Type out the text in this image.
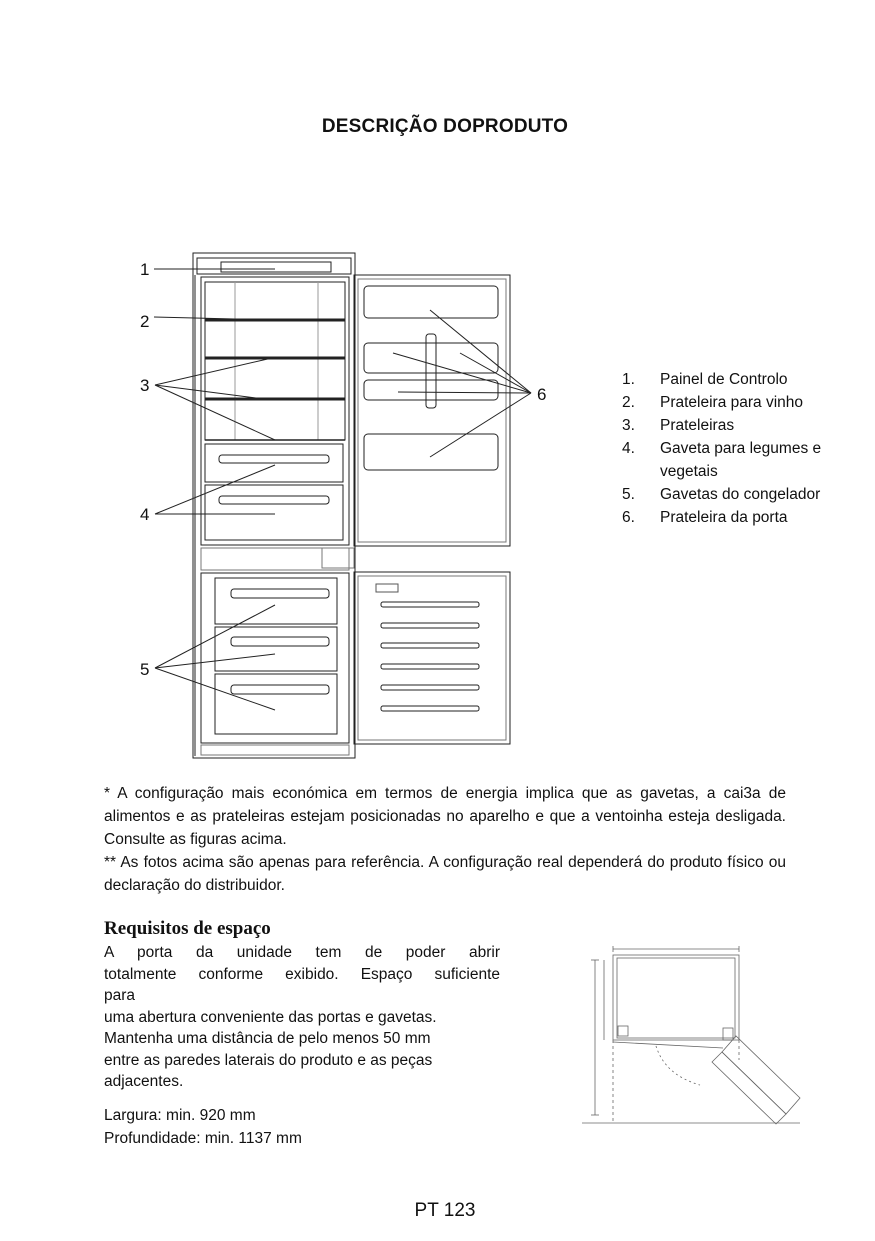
DESCRIÇÃO DOPRODUTO
1
2
3
4
5
6
1.	Painel de Controlo
2.	Prateleira para vinho
3.	Prateleiras
4.	Gaveta para legumes e vegetais
5.	Gavetas do congelador
6.	Prateleira da porta

* A configuração mais económica em termos de energia implica que as gavetas, a cai3a de alimentos e as prateleiras estejam posicionadas no aparelho e que a ventoinha esteja desligada. Consulte as figuras acima.

** As fotos acima são apenas para referência. A configuração real dependerá do produto físico ou declaração do distribuidor.

Requisitos de espaço

A porta da unidade tem de poder abrir

totalmente conforme exibido. Espaço suficiente

para

uma abertura conveniente das portas e gavetas.

Mantenha uma distância de pelo menos 50 mm

entre as paredes laterais do produto e as peças

adjacentes.

Largura: min. 920 mm
Profundidade: min. 1137 mm
PT 123
